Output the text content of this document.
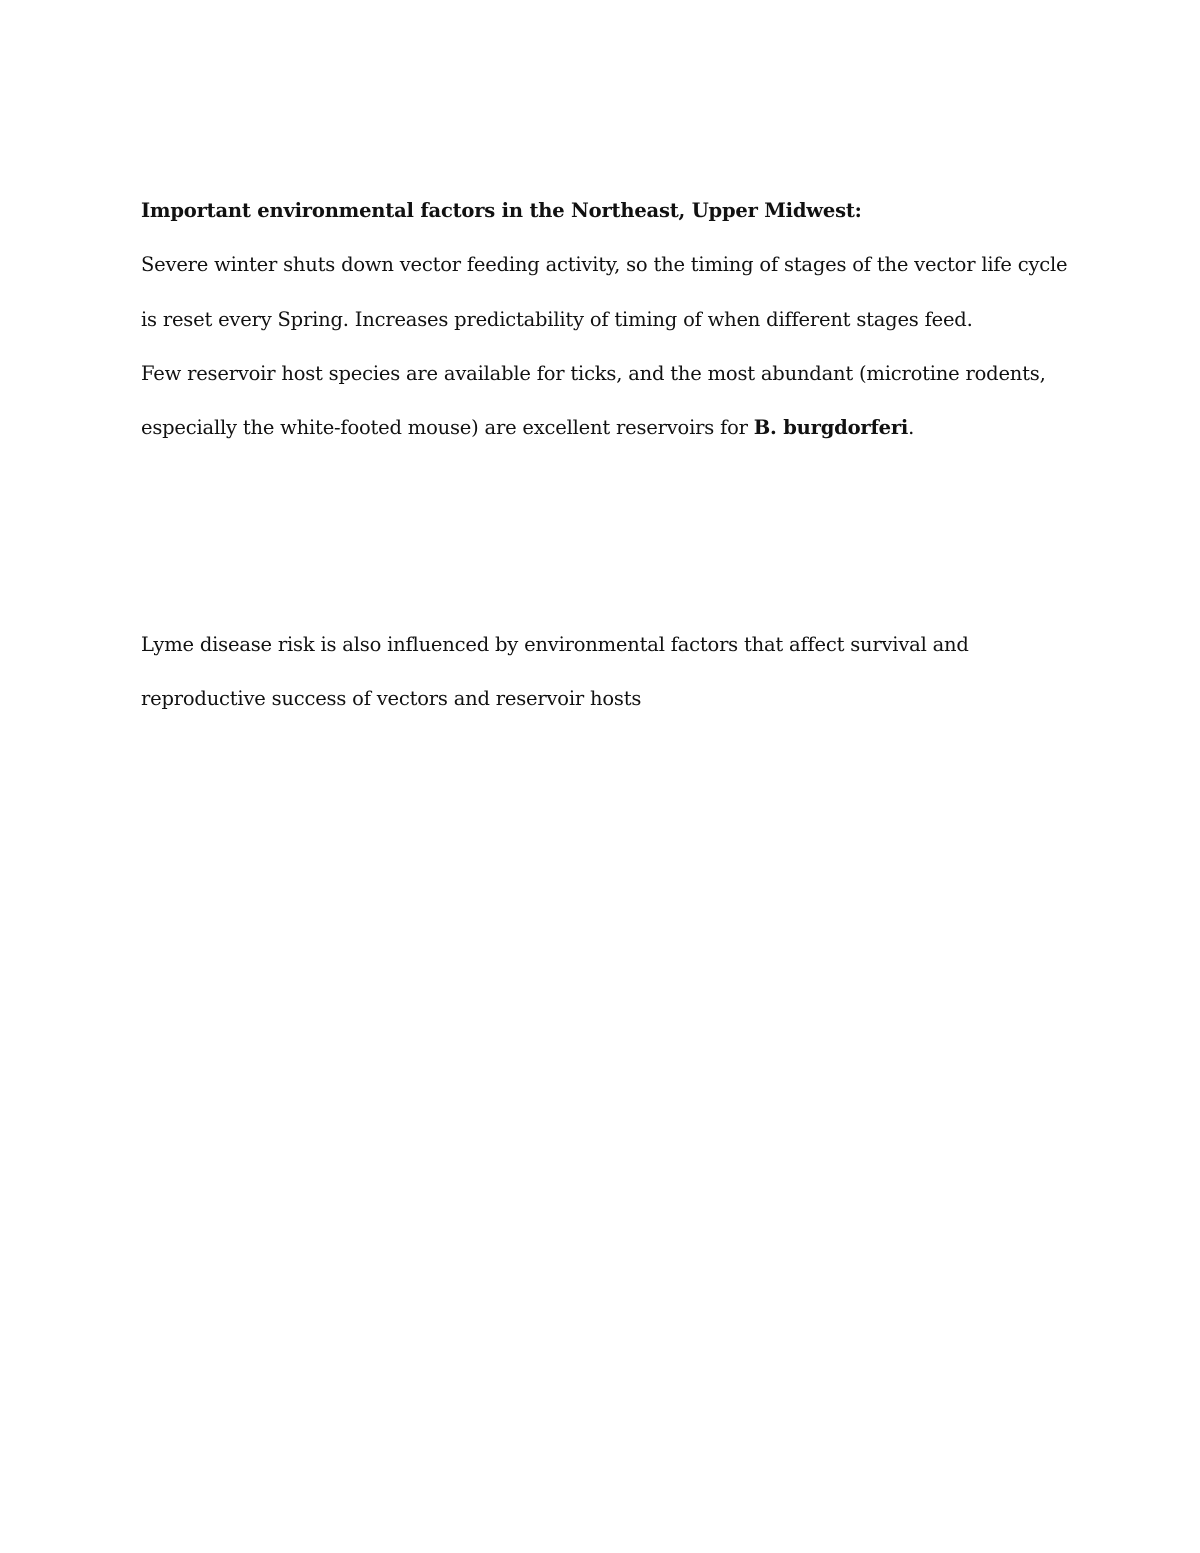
Important environmental factors in the Northeast, Upper Midwest:

Severe winter shuts down vector feeding activity, so the timing of stages of the vector life cycle

is reset every Spring. Increases predictability of timing of when different stages feed.

Few reservoir host species are available for ticks, and the most abundant (microtine rodents,

especially the white-footed mouse) are excellent reservoirs for B. burgdorferi.

Lyme disease risk is also influenced by environmental factors that affect survival and

reproductive success of vectors and reservoir hosts
